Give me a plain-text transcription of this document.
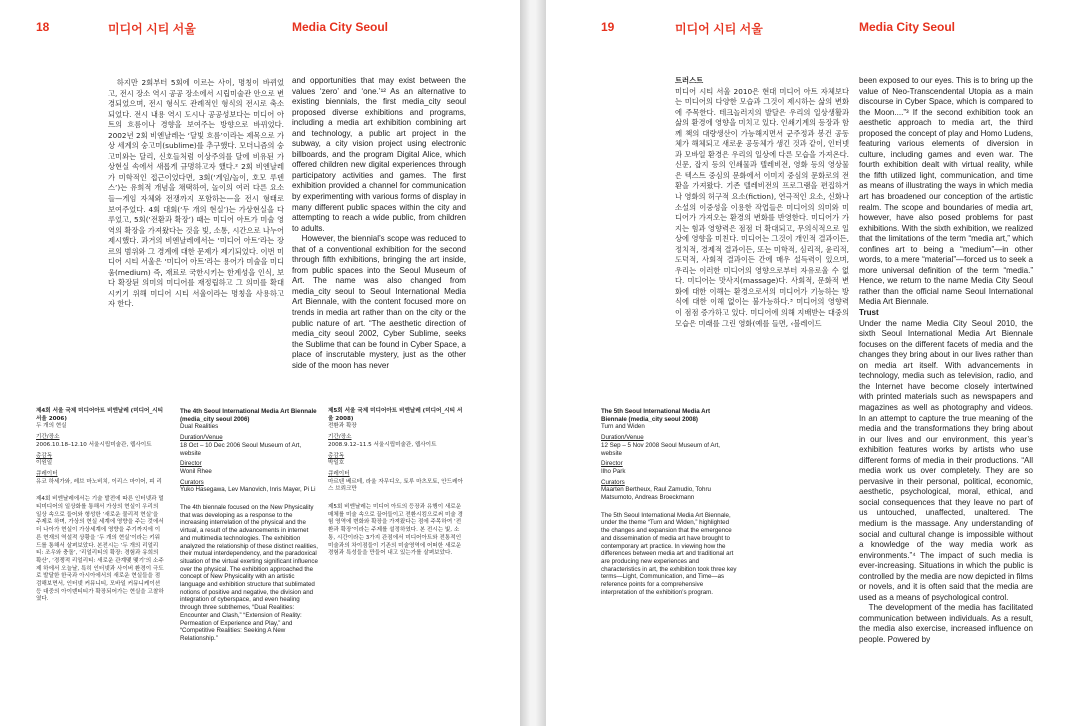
18	미디어 시티 서울	Media City Seoul

하지만 2회부터 5회에 이르는 사이, 명칭이 바뀌었고, 전시 장소 역시 공공 장소에서 시립미술관 안으로 변경되었으며, 전시 형식도 관례적인 형식의 전시로 축소되었다. 전시 내용 역시 도시나 공공성보다는 미디어 아트의 흐름이나 경향을 보여주는 방향으로 바뀌었다. 2002년 2회 비엔날레는 ‘달빛 흐름’이라는 제목으로 가상 세계의 숭고미(sublime)를 추구했다. 모더니즘의 숭고미와는 달리, 신호들처럼 이상주의를 달에 비유된 가상현실 속에서 새롭게 규명하고자 했다.² 2회 비엔날레가 미학적인 접근이었다면, 3회(‘게임/놀이, 호모 루덴스’)는 유희적 개념을 채택하여, 놀이의 여러 다른 요소들—게임 자체와 전쟁까지 포함하는—을 전시 형태로 보여주었다. 4회 대회(‘두 개의 현실’)는 가상현실을 다루었고, 5회(‘전환과 확장’) 때는 미디어 아트가 미술 영역의 확장을 가져왔다는 것을 빛, 소통, 시간으로 나누어 제시했다. 과거의 비엔날레에서는 ‘미디어 아트’라는 장르의 범위와 그 경계에 대한 문제가 제기되었다. 이번 미디어 시티 서울은 ‘미디어 아트’라는 용어가 미술을 미디움(medium) 즉, 재료로 국한시키는 한계성을 인식, 보다 확장된 의미의 미디어를 재정립하고 그 의미를 확대시키기 위해 미디어 시티 서울이라는 명칭을 사용하고자 한다.

and opportunities that may exist between the values ‘zero’ and ‘one.’¹² As an alternative to existing biennials, the first media_city seoul proposed diverse exhibitions and programs, including a media art exhibition combining art and technology, a public art project in the subway, a city vision project using electronic billboards, and the program Digital Alice, which offered children new digital experiences through participatory activities and games. The first exhibition provided a channel for communication by experimenting with various forms of display in many different public spaces within the city and attempting to reach a wide public, from children to adults.

However, the biennial’s scope was reduced to that of a conventional exhibition for the second through fifth exhibitions, bringing the art inside, from public spaces into the Seoul Museum of Art. The name was also changed from media_city seoul to Seoul International Media Art Biennale, with the content focused more on trends in media art rather than on the city or the public nature of art. “The aesthetic direction of media_city seoul 2002, Cyber Sublime, seeks the Sublime that can be found in Cyber Space, a place of inscrutable mystery, just as the other side of the moon has never

제4회 서울 국제 미디어아트 비엔날레 (미디어_시티 서울 2006)
두 개의 현실
기간/장소
2006.10.18–12.10 서울시립미술관, 웹사이트
총감독
이원일
큐레이터
유코 하세가와, 레브 마노비치, 이리스 마이어, 피 리
제4회 비엔날레에서는 기술 발전에 따른 인터넷과 멀티미디어의 일상화를 통해서 가상의 현실이 우리의 일상 속으로 들어와 형성한 ‘새로운 물리적 현실’을 주제로 하며, 가상의 현실 세계에 영향을 주는 것에서 더 나아가 현실이 가상세계에 영향을 주기까지에 이른 현재의 역설적 상황을 ‘두 개의 현실’이라는 키워드를 통해서 살펴보았다. 본전시는 ‘두 개의 리얼리티: 조우와 충돌’, ‘리얼리티의 확장: 경험과 유희의 확산’, ‘경쟁적 리얼리티: 새로운 관계맺 맺기’의 소주제 하에서 오늘날, 특히 인터넷과 사이버 환경이 극도로 발달한 한국과 아시아에서의 새로운 현실들을 점검해보면서, 인터넷 커뮤니티, 모바일 커뮤니케이션 등 대중의 아이덴티티가 확장되어가는 현실을 고찰하였다.
The 4th Seoul International Media Art Biennale (media_city seoul 2006)
Dual Realities
Duration/Venue
18 Oct – 10 Dec 2006 Seoul Museum of Art, website
Director
Wonil Rhee
Curators
Yuko Hasegawa, Lev Manovich, Inris Mayer, Pi Li
The 4th biennale focused on the New Physicality that was developing as a response to the increasing interrelation of the physical and the virtual, a result of the advancements in internet and multimedia technologies. The exhibition analyzed the relationship of these distinct realities, their mutual interdependency, and the paradoxical situation of the virtual exerting significant influence over the physical. The exhibition approached the concept of New Physicality with an artistic language and exhibition structure that sublimated notions of positive and negative, the division and integration of cyberspace, and even healing through three subthemes, “Dual Realities: Encounter and Clash,” “Extension of Reality: Permeation of Experience and Play,” and “Competitive Realities: Seeking A New Relationship.”
제5회 서울 국제 미디어아트 비엔날레 (미디어_시티 서울 2008)
전환과 확장
기간/장소
2008.9.12–11.5 서울시립미술관, 웹사이트
총감독
박일호
큐레이터
마르텐 베르테, 라울 자무디오, 토루 마츠모토, 안드레아스 브뢰크만
제5회 비엔날레는 미디어 아트의 등장과 유행이 새로운 매체를 미술 속으로 끌어들이고 전환시킴으로써 미술 경험 영역에 변화와 확장을 가져왔다는 점에 주목하여 ‘전환과 확장’이라는 주제를 설정하였다. 본 전시는 빛, 소통, 시간이라는 3가지 관점에서 미디어아트와 전통적인 미술과의 차이점들이 기존의 미술영역에 어떠한 새로운 경험과 특성들을 만들어 내고 있는가를 살펴보았다.
19	미디어 시티 서울	Media City Seoul

트러스트

미디어 시티 서울 2010은 현대 미디어 아트 자체보다는 미디어의 다양한 모습과 그것이 제시하는 삶의 변화에 주목한다. 테크놀러지의 발달은 우리의 일상생활과 삶의 환경에 영향을 미치고 있다. 인쇄기계의 등장과 함께 책의 대량생산이 가능해지면서 군주정과 봉건 공동체가 해체되고 새로운 공동체가 생긴 것과 같이, 인터넷과 모바일 환경은 우리의 일상에 다른 모습을 가져온다. 신문, 잡지 등의 인쇄물과 텔레비전, 영화 등의 영상물은 텍스트 중심의 문화에서 이미지 중심의 문화로의 전환을 가져왔다. 기존 텔레비전의 프로그램을 편집하거나 영화의 허구적 요소(fiction), 연극적인 요소, 신화나 소설의 이중성을 이용한 작업들은 미디어의 의미와 미디어가 가져오는 환경의 변화를 반영한다. 미디어가 가지는 힘과 영향력은 점점 더 확대되고, 무의식적으로 일상에 영향을 미친다. 미디어는 그것이 개인적 결과이든, 정치적, 경제적 결과이든, 또는 미학적, 심리적, 윤리적, 도덕적, 사회적 결과이든 간에 매우 설득력이 있으며, 우리는 이러한 미디어의 영향으로부터 자유로울 수 없다. 미디어는 맛사지(massage)다. 사회적, 문화적 변화에 대한 이해는 환경으로서의 미디어가 기능하는 방식에 대한 이해 없이는 불가능하다.³ 미디어의 영향력이 점점 증가하고 있다. 미디어에 의해 지배받는 대중의 모습은 미래를 그린 영화(예를 들면, ‹블레이드

been exposed to our eyes. This is to bring up the value of Neo-Transcendental Utopia as a main discourse in Cyber Space, which is compared to the Moon....”³ If the second exhibition took an aesthetic approach to media art, the third proposed the concept of play and Homo Ludens, featuring various elements of diversion in culture, including games and even war. The fourth exhibition dealt with virtual reality, while the fifth utilized light, communication, and time as means of illustrating the ways in which media art has broadened our conception of the artistic realm. The scope and boundaries of media art, however, have also posed problems for past exhibitions. With the sixth exhibition, we realized that the limitations of the term “media art,” which confines art to being a “medium”—in other words, to a mere “material”—forced us to seek a more universal definition of the term “media.” Hence, we return to the name Media City Seoul rather than the official name Seoul International Media Art Biennale.

Trust

Under the name Media City Seoul 2010, the sixth Seoul International Media Art Biennale focuses on the different facets of media and the changes they bring about in our lives rather than on media art itself. With advancements in technology, media such as television, radio, and the Internet have become closely intertwined with printed materials such as newspapers and magazines as well as photography and videos. In an attempt to capture the true meaning of the media and the transformations they bring about in our lives and our environment, this year’s exhibition features works by artists who use different forms of media in their productions. “All media work us over completely. They are so pervasive in their personal, political, economic, aesthetic, psychological, moral, ethical, and social consequences that they leave no part of us untouched, unaffected, unaltered. The medium is the massage. Any understanding of social and cultural change is impossible without a knowledge of the way media work as environments.”⁴ The impact of such media is ever-increasing. Situations in which the public is controlled by the media are now depicted in films or novels, and it is often said that the media are used as a means of psychological control.

The development of the media has facilitated communication between individuals. As a result, the media also exercise, increased influence on people. Powered by

The 5th Seoul International Media Art Biennale (media_city seoul 2008)
Turn and Widen
Duration/Venue
12 Sep – 5 Nov 2008 Seoul Museum of Art, website
Director
Ilho Park
Curators
Maarten Bertheux, Raul Zamudio, Tohru Matsumoto, Andreas Broeckmann
The 5th Seoul International Media Art Biennale, under the theme “Turn and Widen,” highlighted the changes and expansion that the emergence and dissemination of media art have brought to contemporary art practice. In viewing how the differences between media art and traditional art are producing new experiences and characteristics in art, the exhibition took three key terms—Light, Communication, and Time—as reference points for a comprehensive interpretation of the exhibition’s program.
